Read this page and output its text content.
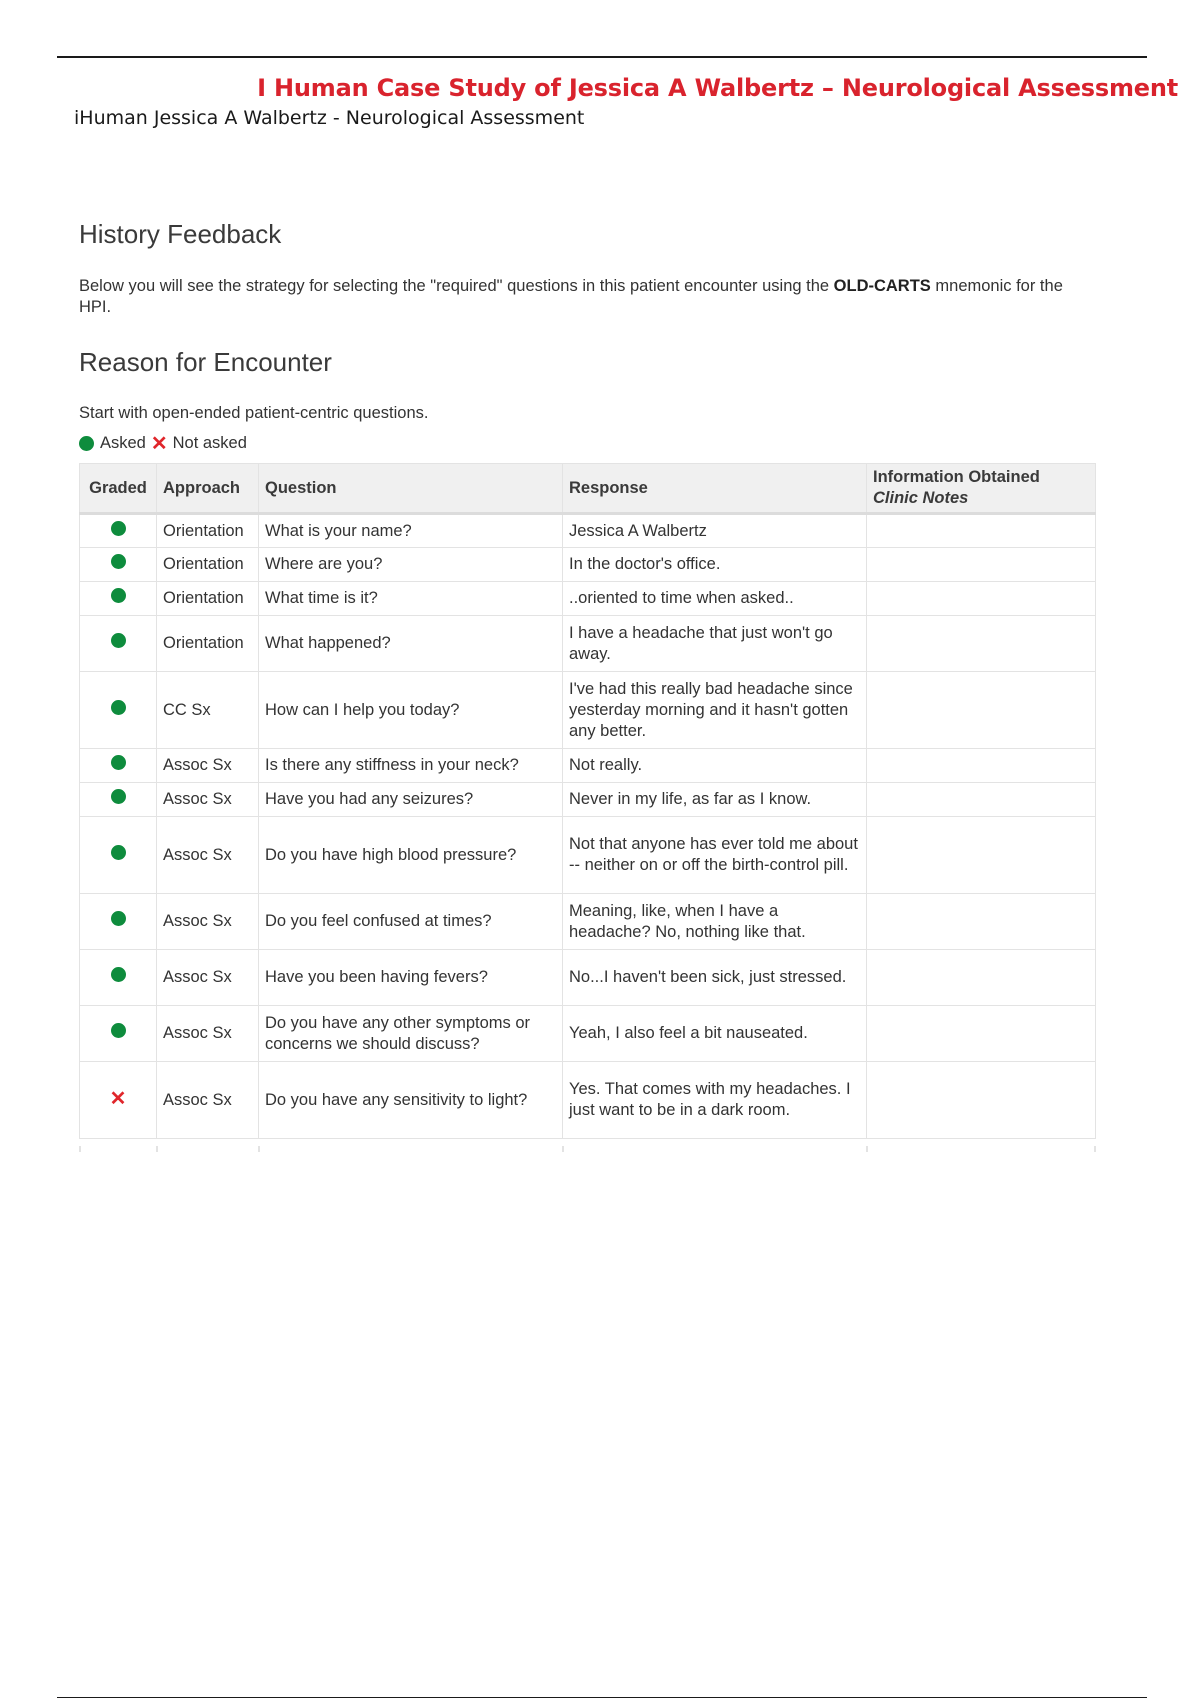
I Human Case Study of Jessica A Walbertz – Neurological Assessment
iHuman Jessica A Walbertz - Neurological Assessment
History Feedback
Below you will see the strategy for selecting the "required" questions in this patient encounter using the OLD-CARTS mnemonic for the HPI.
Reason for Encounter
Start with open-ended patient-centric questions.
Asked ✕ Not asked
Graded	Approach	Question	Response	Information Obtained
Clinic Notes

	Orientation	What is your name?	Jessica A Walbertz	
	Orientation	Where are you?	In the doctor's office.	
	Orientation	What time is it?	..oriented to time when asked..	
	Orientation	What happened?	I have a headache that just won't go away.	
	CC Sx	How can I help you today?	I've had this really bad headache since yesterday morning and it hasn't gotten any better.	
	Assoc Sx	Is there any stiffness in your neck?	Not really.	
	Assoc Sx	Have you had any seizures?	Never in my life, as far as I know.	
	Assoc Sx	Do you have high blood pressure?	Not that anyone has ever told me about -- neither on or off the birth-control pill.	
	Assoc Sx	Do you feel confused at times?	Meaning, like, when I have a headache? No, nothing like that.	
	Assoc Sx	Have you been having fevers?	No...I haven't been sick, just stressed.	
	Assoc Sx	Do you have any other symptoms or concerns we should discuss?	Yeah, I also feel a bit nauseated.	
✕	Assoc Sx	Do you have any sensitivity to light?	Yes. That comes with my headaches. I just want to be in a dark room.	
